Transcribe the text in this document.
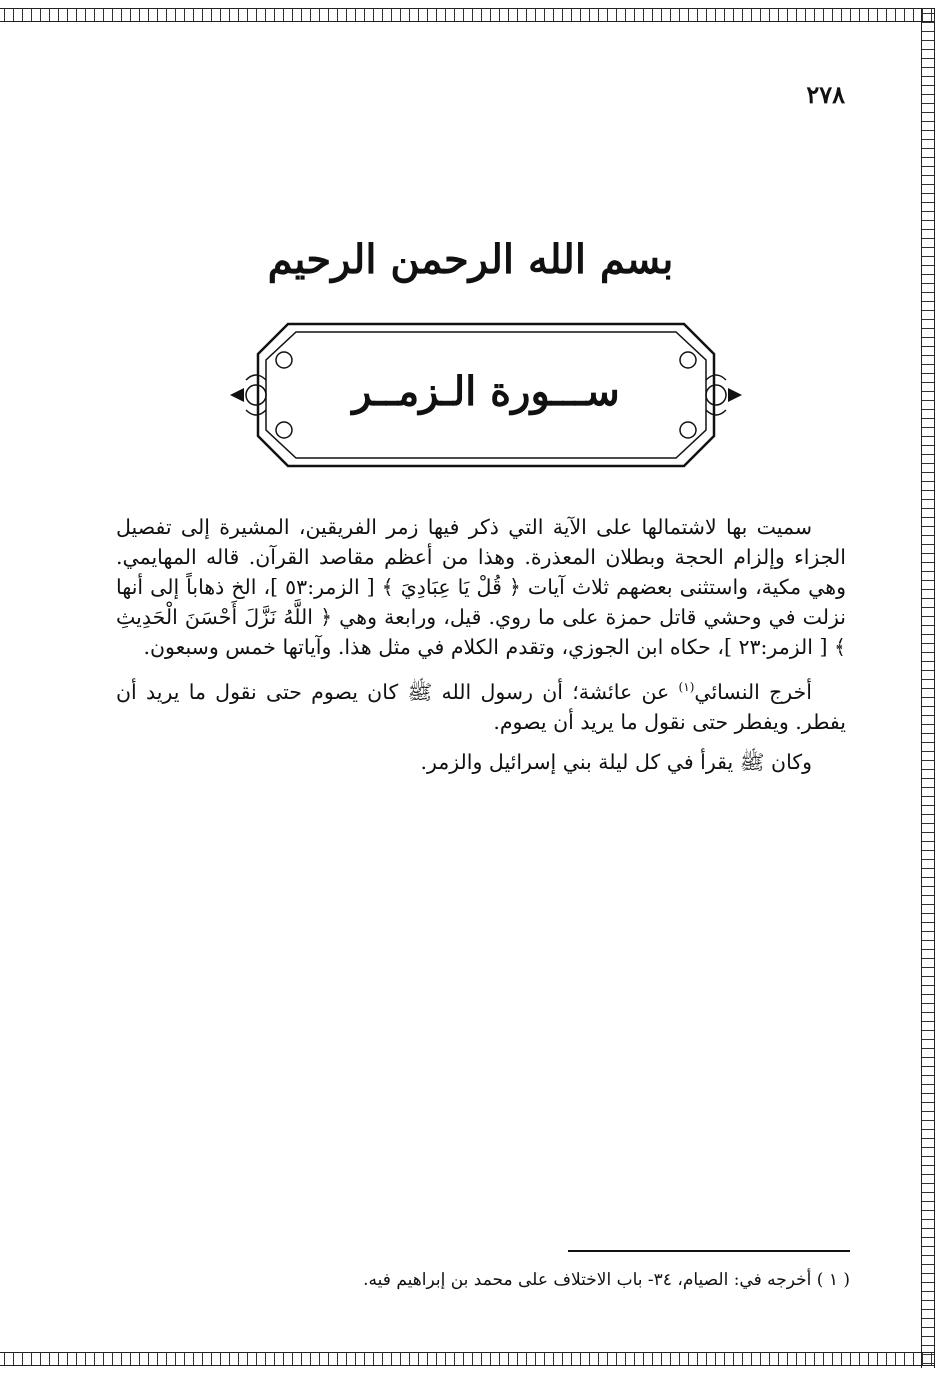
٢٧٨
بسم الله الرحمن الرحيم
ســـورة الـزمــر

سميت بها لاشتمالها على الآية التي ذكر فيها زمر الفريقين، المشيرة إلى تفصيل الجزاء وإلزام الحجة وبطلان المعذرة. وهذا من أعظم مقاصد القرآن. قاله المهايمي. وهي مكية، واستثنى بعضهم ثلاث آيات ﴿ قُلْ يَا عِبَادِيَ ﴾ [ الزمر:٥٣ ]، الخ ذهاباً إلى أنها نزلت في وحشي قاتل حمزة على ما روي. قيل، ورابعة وهي ﴿ اللَّهُ نَزَّلَ أَحْسَنَ الْحَدِيثِ ﴾ [ الزمر:٢٣ ]، حكاه ابن الجوزي، وتقدم الكلام في مثل هذا. وآياتها خمس وسبعون.

أخرج النسائي$^{(١)}$ عن عائشة؛ أن رسول الله ﷺ كان يصوم حتى نقول ما يريد أن يفطر. ويفطر حتى نقول ما يريد أن يصوم.

وكان ﷺ يقرأ في كل ليلة بني إسرائيل والزمر.

( ١ ) أخرجه في: الصيام، ٣٤- باب الاختلاف على محمد بن إبراهيم فيه.
